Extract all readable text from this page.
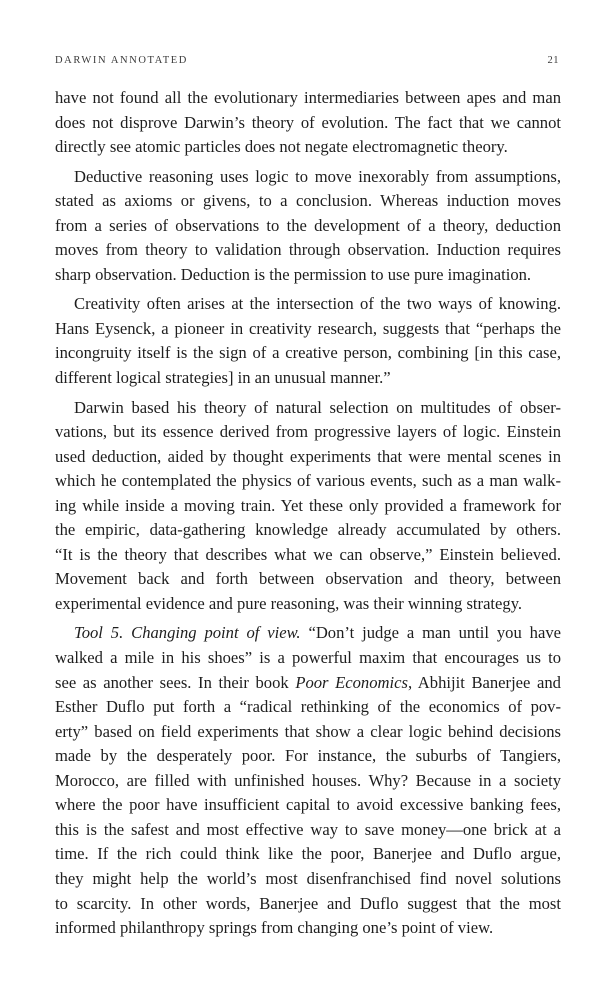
DARWIN ANNOTATED	21
have not found all the evolutionary intermediaries between apes and man
does not disprove Darwin’s theory of evolution. The fact that we cannot
directly see atomic particles does not negate electromagnetic theory.
Deductive reasoning uses logic to move inexorably from assumptions,
stated as axioms or givens, to a conclusion. Whereas induction moves
from a series of observations to the development of a theory, deduction
moves from theory to validation through observation. Induction requires
sharp observation. Deduction is the permission to use pure imagination.
Creativity often arises at the intersection of the two ways of knowing.
Hans Eysenck, a pioneer in creativity research, suggests that “perhaps the
incongruity itself is the sign of a creative person, combining [in this case,
different logical strategies] in an unusual manner.”
Darwin based his theory of natural selection on multitudes of obser-
vations, but its essence derived from progressive layers of logic. Einstein
used deduction, aided by thought experiments that were mental scenes in
which he contemplated the physics of various events, such as a man walk-
ing while inside a moving train. Yet these only provided a framework for
the empiric, data-gathering knowledge already accumulated by others.
“It is the theory that describes what we can observe,” Einstein believed.
Movement back and forth between observation and theory, between
experimental evidence and pure reasoning, was their winning strategy.
Tool 5. Changing point of view. “Don’t judge a man until you have
walked a mile in his shoes” is a powerful maxim that encourages us to
see as another sees. In their book Poor Economics, Abhijit Banerjee and
Esther Duflo put forth a “radical rethinking of the economics of pov-
erty” based on field experiments that show a clear logic behind decisions
made by the desperately poor. For instance, the suburbs of Tangiers,
Morocco, are filled with unfinished houses. Why? Because in a society
where the poor have insufficient capital to avoid excessive banking fees,
this is the safest and most effective way to save money—one brick at a
time. If the rich could think like the poor, Banerjee and Duflo argue,
they might help the world’s most disenfranchised find novel solutions
to scarcity. In other words, Banerjee and Duflo suggest that the most
informed philanthropy springs from changing one’s point of view.
